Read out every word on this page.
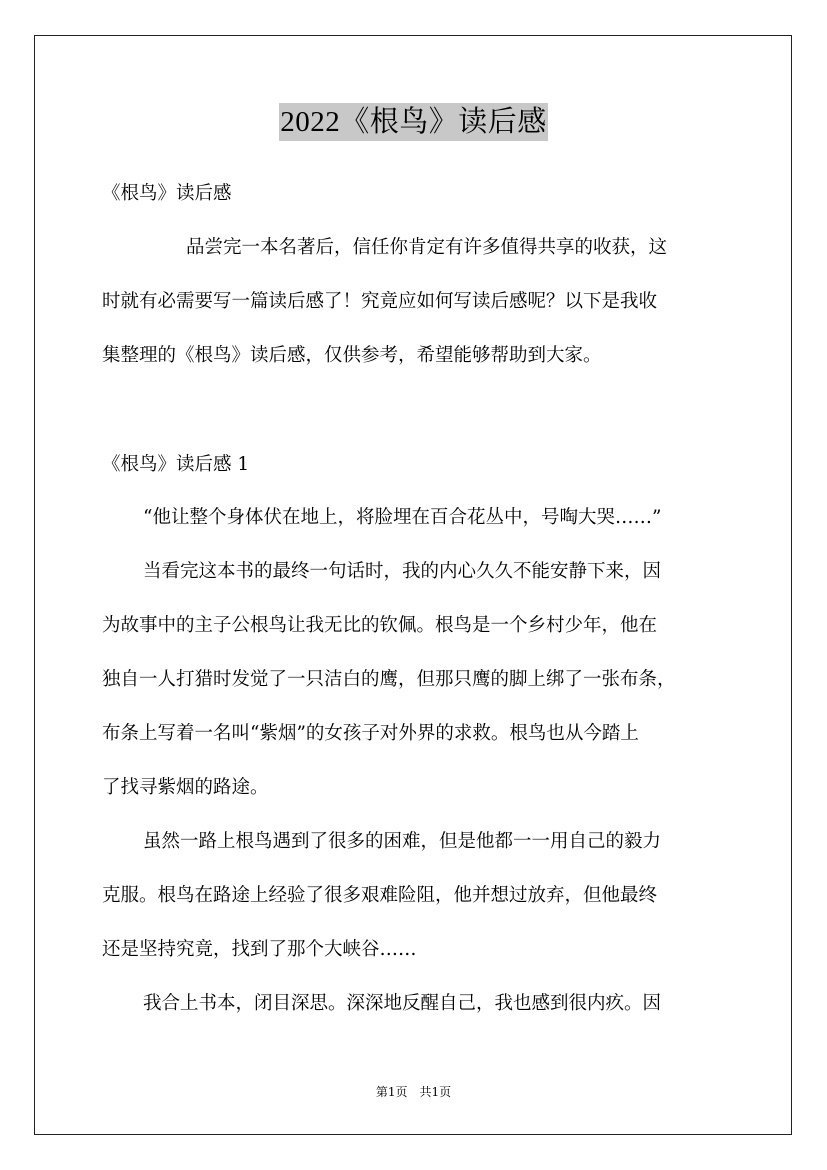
2022《根鸟》读后感
《根鸟》读后感
品尝完一本名著后，信任你肯定有许多值得共享的收获，这
时就有必需要写一篇读后感了！究竟应如何写读后感呢？以下是我收
集整理的《根鸟》读后感，仅供参考，希望能够帮助到大家。
《根鸟》读后感 1
“他让整个身体伏在地上，将脸埋在百合花丛中，号啕大哭……”
当看完这本书的最终一句话时，我的内心久久不能安静下来，因
为故事中的主子公根鸟让我无比的钦佩。根鸟是一个乡村少年，他在
独自一人打猎时发觉了一只洁白的鹰，但那只鹰的脚上绑了一张布条，
布条上写着一名叫“紫烟”的女孩子对外界的求救。根鸟也从今踏上
了找寻紫烟的路途。
虽然一路上根鸟遇到了很多的困难，但是他都一一用自己的毅力
克服。根鸟在路途上经验了很多艰难险阻，他并想过放弃，但他最终
还是坚持究竟，找到了那个大峡谷……
我合上书本，闭目深思。深深地反醒自己，我也感到很内疚。因
第1页　共1页
